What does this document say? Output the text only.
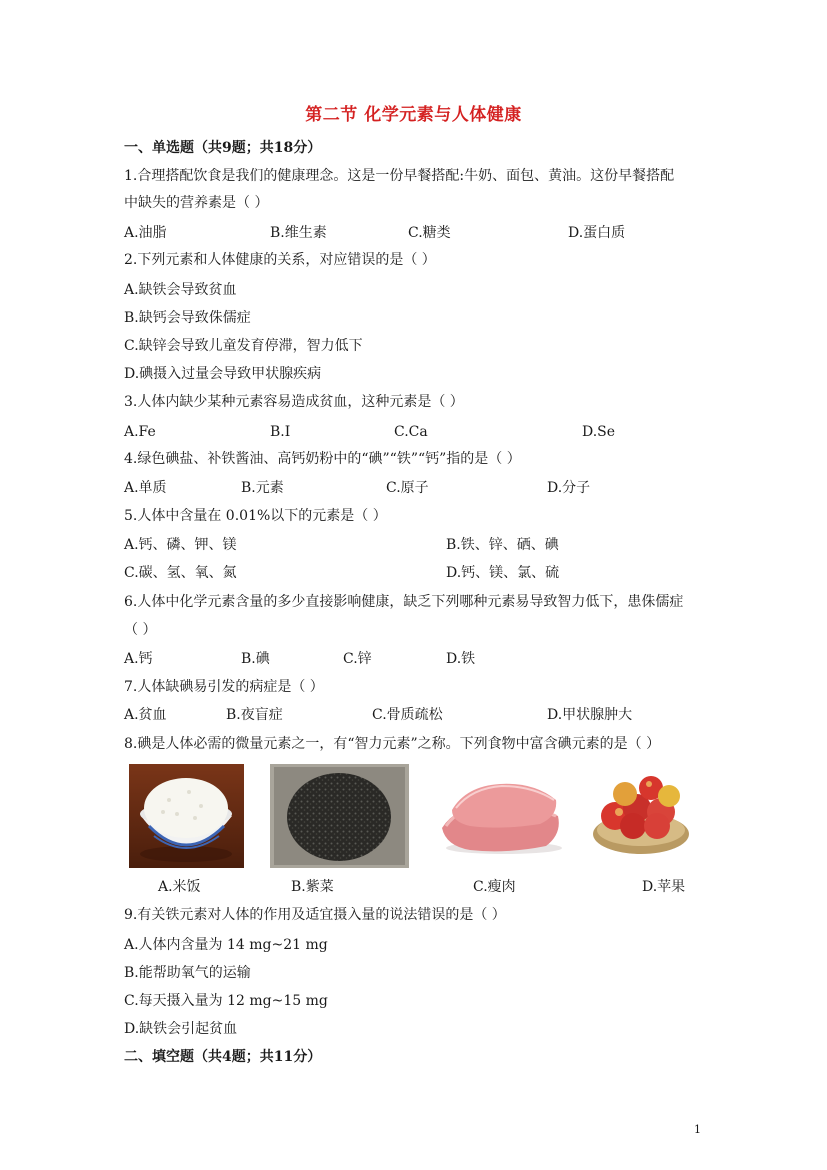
第二节 化学元素与人体健康
一、单选题（共9题；共18分）
1.合理搭配饮食是我们的健康理念。这是一份早餐搭配:牛奶、面包、黄油。这份早餐搭配
中缺失的营养素是（ ）
A.油脂	B.维生素	C.糖类	D.蛋白质
2.下列元素和人体健康的关系，对应错误的是（ ）
A.缺铁会导致贫血
B.缺钙会导致侏儒症
C.缺锌会导致儿童发育停滞，智力低下
D.碘摄入过量会导致甲状腺疾病
3.人体内缺少某种元素容易造成贫血，这种元素是（ ）
A.Fe	B.I	C.Ca	D.Se
4.绿色碘盐、补铁酱油、高钙奶粉中的“碘”“铁”“钙”指的是（ ）
A.单质	B.元素	C.原子	D.分子
5.人体中含量在 0.01%以下的元素是（ ）
A.钙、磷、钾、镁	B.铁、锌、硒、碘
C.碳、氢、氧、氮	D.钙、镁、氯、硫
6.人体中化学元素含量的多少直接影响健康，缺乏下列哪种元素易导致智力低下，患侏儒症
（ ）
A.钙	B.碘	C.锌	D.铁
7.人体缺碘易引发的病症是（ ）
A.贫血	B.夜盲症	C.骨质疏松	D.甲状腺肿大
8.碘是人体必需的微量元素之一，有“智力元素”之称。下列食物中富含碘元素的是（ ）
A.米饭	B.紫菜	C.瘦肉	D.苹果
9.有关铁元素对人体的作用及适宜摄入量的说法错误的是（ ）
A.人体内含量为 14 mg~21 mg
B.能帮助氧气的运输
C.每天摄入量为 12 mg~15 mg
D.缺铁会引起贫血
二、填空题（共4题；共11分）
1
